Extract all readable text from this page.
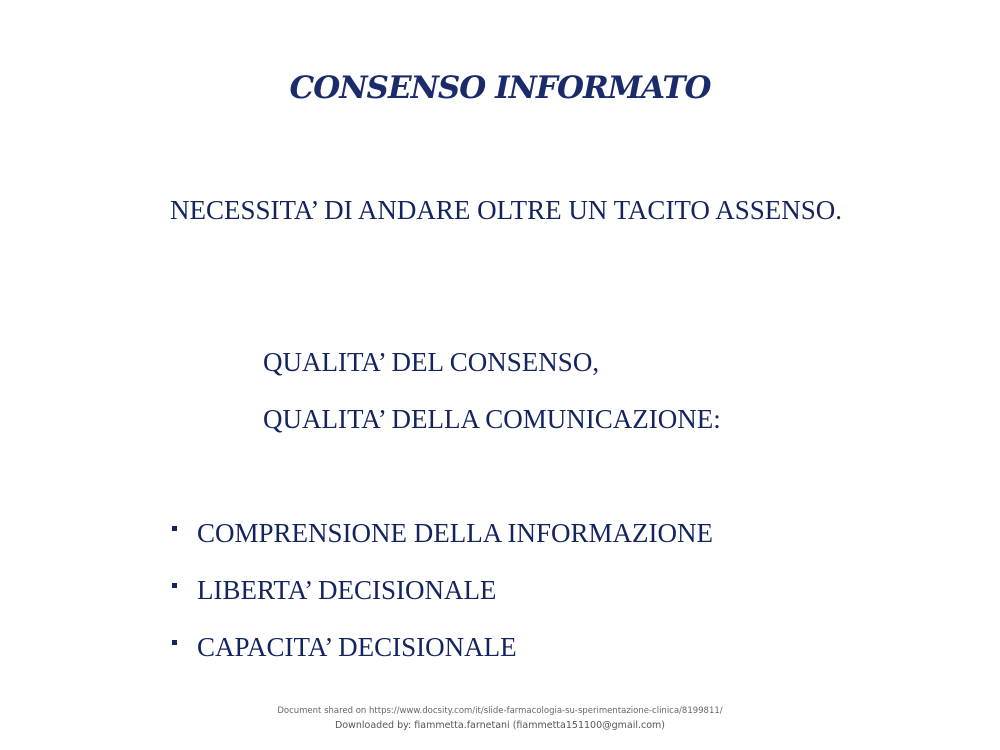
CONSENSO INFORMATO
NECESSITA’ DI ANDARE OLTRE UN TACITO ASSENSO.
QUALITA’ DEL CONSENSO,
QUALITA’ DELLA COMUNICAZIONE:
COMPRENSIONE DELLA INFORMAZIONE
LIBERTA’ DECISIONALE
CAPACITA’ DECISIONALE
Document shared on https://www.docsity.com/it/slide-farmacologia-su-sperimentazione-clinica/8199811/
Downloaded by: fiammetta.farnetani (fiammetta151100@gmail.com)
